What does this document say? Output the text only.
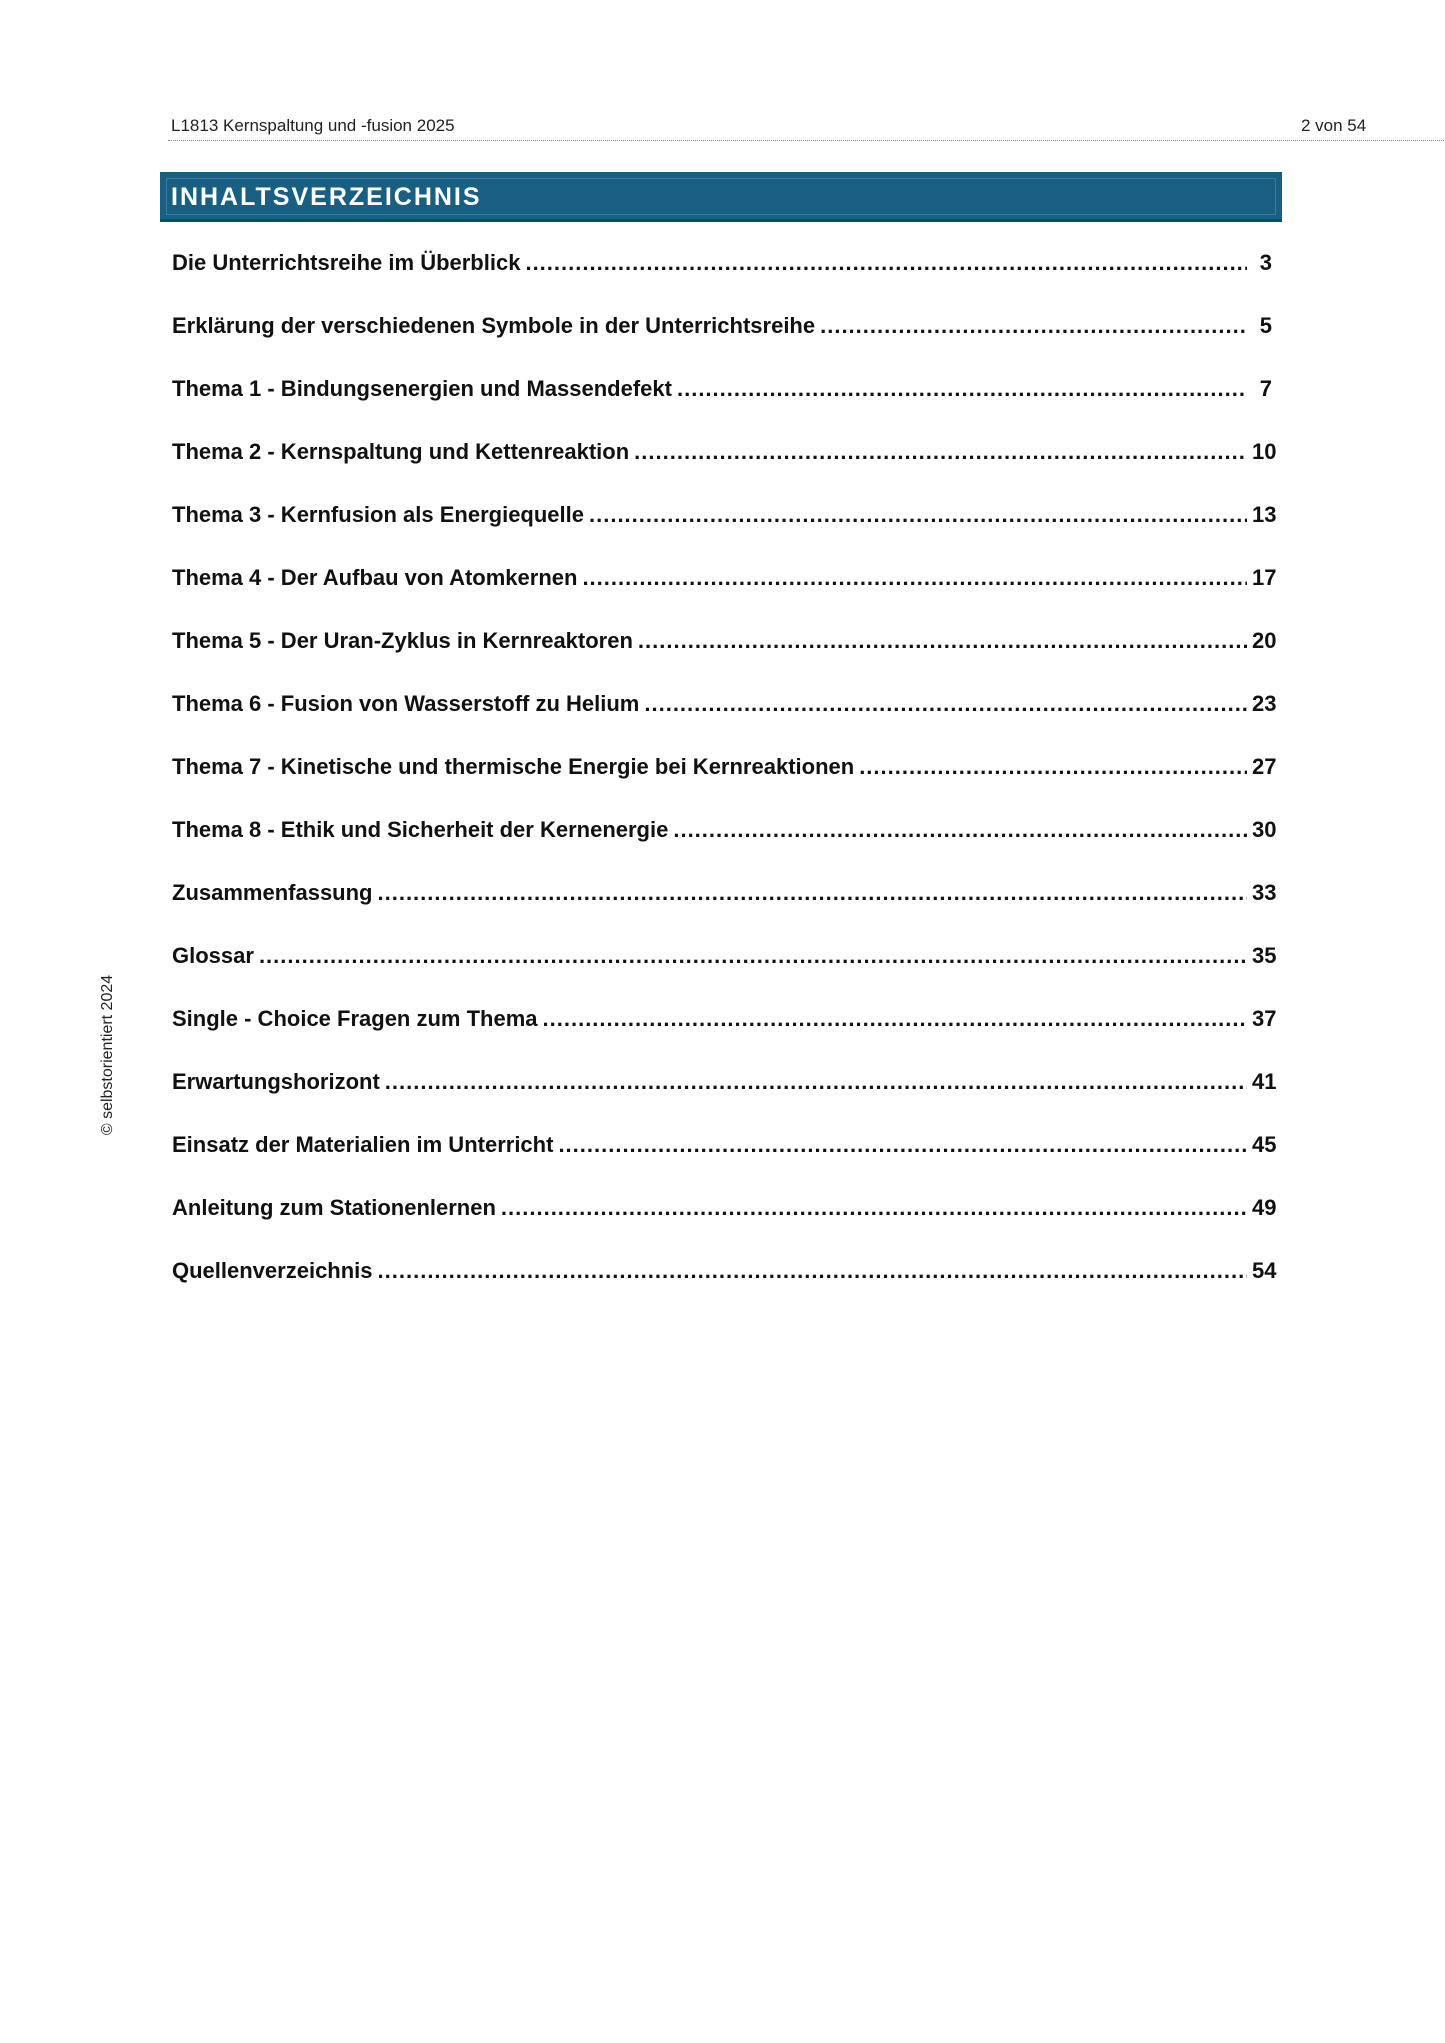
L1813 Kernspaltung und -fusion 2025	2 von 54
INHALTSVERZEICHNIS
Die Unterrichtsreihe im Überblick .....	3
Erklärung der verschiedenen Symbole in der Unterrichtsreihe .....	5
Thema 1 - Bindungsenergien und Massendefekt .....	7
Thema 2 - Kernspaltung und Kettenreaktion .....	10
Thema 3 - Kernfusion als Energiequelle .....	13
Thema 4 - Der Aufbau von Atomkernen .....	17
Thema 5 - Der Uran-Zyklus in Kernreaktoren .....	20
Thema 6 - Fusion von Wasserstoff zu Helium .....	23
Thema 7 - Kinetische und thermische Energie bei Kernreaktionen .....	27
Thema 8 - Ethik und Sicherheit der Kernenergie .....	30
Zusammenfassung .....	33
Glossar .....	35
Single - Choice Fragen zum Thema .....	37
Erwartungshorizont .....	41
Einsatz der Materialien im Unterricht .....	45
Anleitung zum Stationenlernen .....	49
Quellenverzeichnis .....	54
© selbstorientiert 2024
